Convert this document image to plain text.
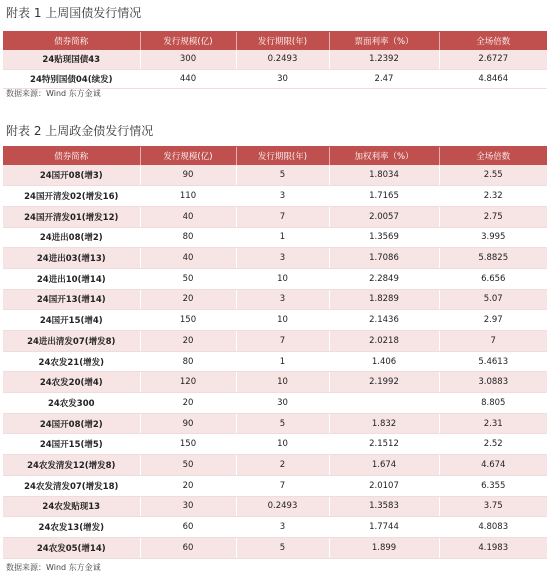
附表 1 上周国债发行情况
债券简称	发行规模(亿)	发行期限(年)	票面利率（%）	全场倍数
24贴现国债43	300	0.2493	1.2392	2.6727
24特别国债04(续发)	440	30	2.47	4.8464
数据来源：Wind 东方金诚
附表 2 上周政金债发行情况
债券简称	发行规模(亿)	发行期限(年)	加权利率（%）	全场倍数
24国开08(增3)	90	5	1.8034	2.55
24国开清发02(增发16)	110	3	1.7165	2.32
24国开清发01(增发12)	40	7	2.0057	2.75
24进出08(增2)	80	1	1.3569	3.995
24进出03(增13)	40	3	1.7086	5.8825
24进出10(增14)	50	10	2.2849	6.656
24国开13(增14)	20	3	1.8289	5.07
24国开15(增4)	150	10	2.1436	2.97
24进出清发07(增发8)	20	7	2.0218	7
24农发21(增发)	80	1	1.406	5.4613
24农发20(增4)	120	10	2.1992	3.0883
24农发300	20	30		8.805
24国开08(增2)	90	5	1.832	2.31
24国开15(增5)	150	10	2.1512	2.52
24农发清发12(增发8)	50	2	1.674	4.674
24农发清发07(增发18)	20	7	2.0107	6.355
24农发贴现13	30	0.2493	1.3583	3.75
24农发13(增发)	60	3	1.7744	4.8083
24农发05(增14)	60	5	1.899	4.1983
数据来源：Wind 东方金诚
